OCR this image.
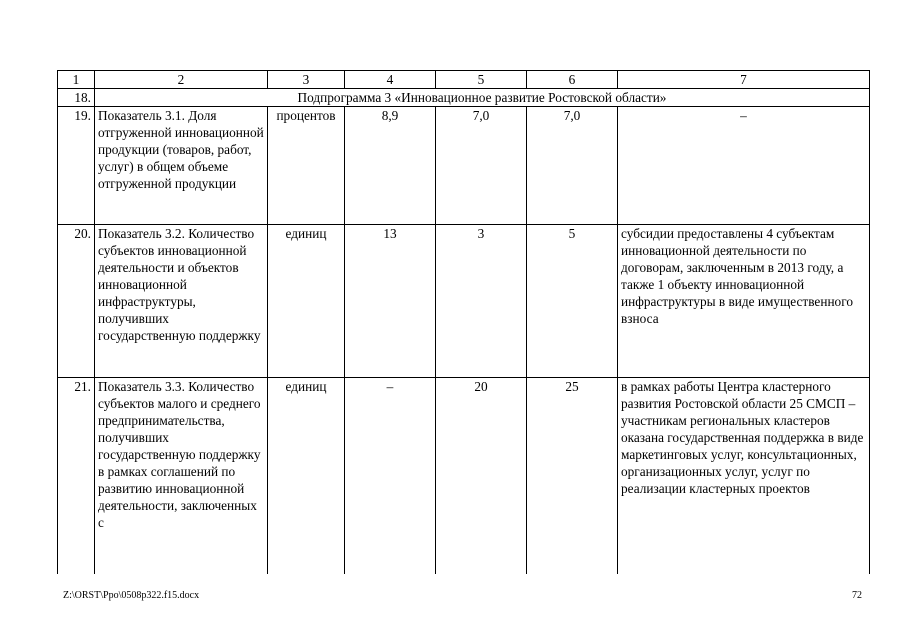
1	2	3	4	5	6	7
18.	Подпрограмма 3 «Инновационное развитие Ростовской области»					
19.	Показатель 3.1. Доля отгруженной инновационной продукции (товаров, работ, услуг) в общем объеме отгруженной продукции	процентов	8,9	7,0	7,0	–
20.	Показатель 3.2. Количество субъектов инновационной деятельности и объектов инновационной инфраструктуры, получивших государственную поддержку	единиц	13	3	5	субсидии предоставлены 4 субъектам инновационной деятельности по договорам, заключенным в 2013 году, а также 1 объекту инновационной инфраструктуры в виде имущественного взноса
21.	Показатель 3.3. Количество субъектов малого и среднего предпринимательства, получивших государственную поддержку в рамках соглашений по развитию инновационной деятельности, заключенных с	единиц	–	20	25	в рамках работы Центра кластерного развития Ростовской области 25 СМСП – участникам региональных кластеров оказана государственная поддержка в виде маркетинговых услуг, консультационных, организационных услуг, услуг по реализации кластерных проектов
Z:\ORST\Ppo\0508p322.f15.docx	72
